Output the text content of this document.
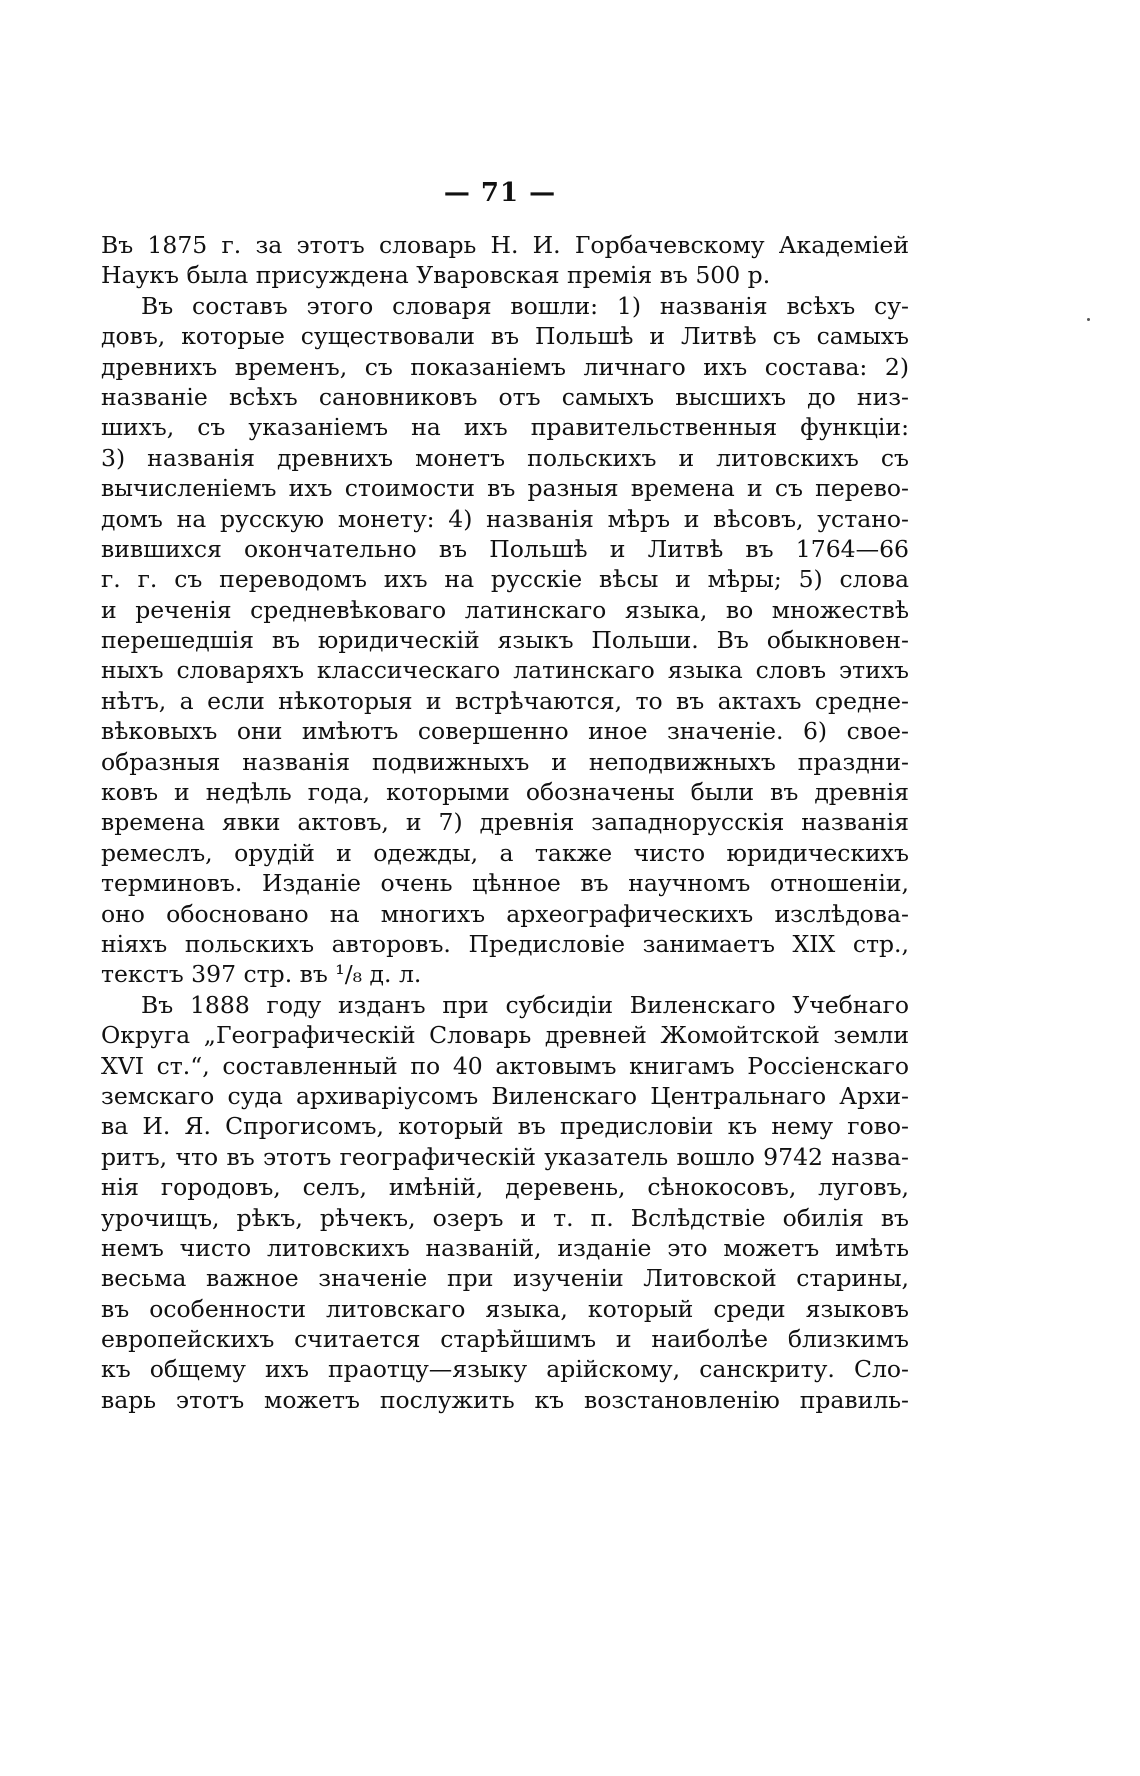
— 71 —
Въ 1875 г. за этотъ словарь Н. И. Горбачевскому Академiей
Наукъ была присуждена Уваровская премiя въ 500 р.
Въ составъ этого словаря вошли: 1) названiя всѣхъ су-
довъ, которые существовали въ Польшѣ и Литвѣ съ самыхъ
древнихъ временъ, съ показанiемъ личнаго ихъ состава: 2)
названiе всѣхъ сановниковъ отъ самыхъ высшихъ до низ-
шихъ, съ указанiемъ на ихъ правительственныя функцiи:
3) названiя древнихъ монетъ польскихъ и литовскихъ съ
вычисленiемъ ихъ стоимости въ разныя времена и съ перево-
домъ на русскую монету: 4) названiя мѣръ и вѣсовъ, устано-
вившихся окончательно въ Польшѣ и Литвѣ въ 1764—66
г. г. съ переводомъ ихъ на русскiе вѣсы и мѣры; 5) слова
и реченiя средневѣковаго латинскаго языка, во множествѣ
перешедшiя въ юридическiй языкъ Польши. Въ обыкновен-
ныхъ словаряхъ классическаго латинскаго языка словъ этихъ
нѣтъ, а если нѣкоторыя и встрѣчаются, то въ актахъ средне-
вѣковыхъ они имѣютъ совершенно иное значенiе. 6) свое-
образныя названiя подвижныхъ и неподвижныхъ праздни-
ковъ и недѣль года, которыми обозначены были въ древнiя
времена явки актовъ, и 7) древнiя западнорусскiя названiя
ремеслъ, орудiй и одежды, а также чисто юридическихъ
терминовъ. Изданiе очень цѣнное въ научномъ отношенiи,
оно обосновано на многихъ археографическихъ изслѣдова-
нiяхъ польскихъ авторовъ. Предисловiе занимаетъ XIX стр.,
текстъ 397 стр. въ ¹/₈ д. л.
Въ 1888 году изданъ при субсидiи Виленскаго Учебнаго
Округа „Географическiй Словарь древней Жомойтской земли
XVI ст.“, составленный по 40 актовымъ книгамъ Россiенскаго
земскаго суда архиварiусомъ Виленскаго Центральнаго Архи-
ва И. Я. Спрогисомъ, который въ предисловiи къ нему гово-
ритъ, что въ этотъ географическiй указатель вошло 9742 назва-
нiя городовъ, селъ, имѣнiй, деревень, сѣнокосовъ, луговъ,
урочищъ, рѣкъ, рѣчекъ, озеръ и т. п. Вслѣдствiе обилiя въ
немъ чисто литовскихъ названiй, изданiе это можетъ имѣть
весьма важное значенiе при изученiи Литовской старины,
въ особенности литовскаго языка, который среди языковъ
европейскихъ считается старѣйшимъ и наиболѣе близкимъ
къ общему ихъ праотцу—языку арiйскому, санскриту. Сло-
варь этотъ можетъ послужить къ возстановленiю правиль-
